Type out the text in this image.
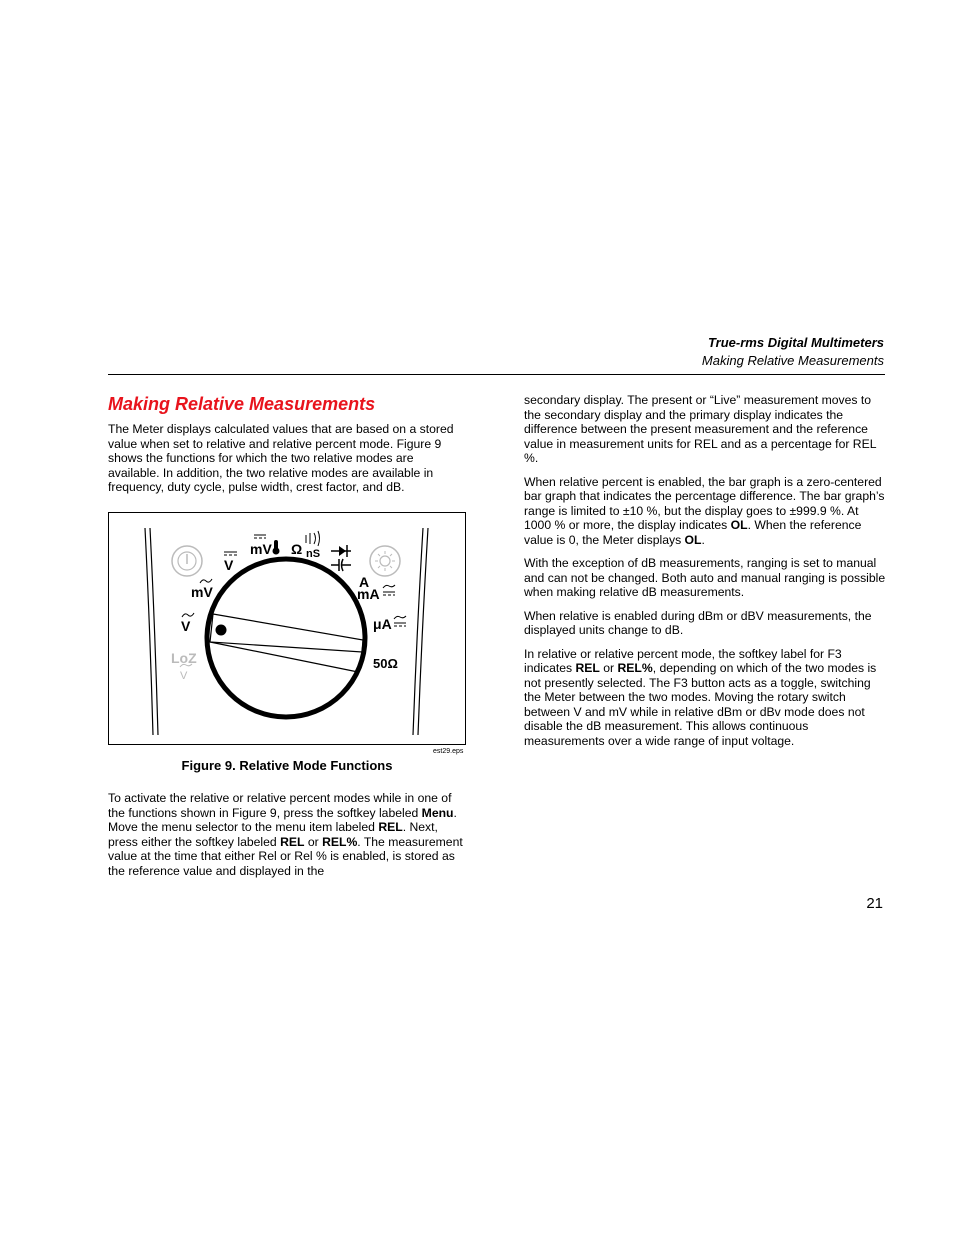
True-rms Digital Multimeters
Making Relative Measurements
Making Relative Measurements

The Meter displays calculated values that are based on a stored value when set to relative and relative percent mode. Figure 9 shows the functions for which the two relative modes are available. In addition, the two relative modes are available in frequency, duty cycle, pulse width, crest factor, and dB.

V
mV Ω nS
mV
V
LoZ
V
A
mA
μA
50Ω
est29.eps
Figure 9. Relative Mode Functions

To activate the relative or relative percent modes while in one of the functions shown in Figure 9, press the softkey labeled Menu. Move the menu selector to the menu item labeled REL. Next, press either the softkey labeled REL or REL%. The measurement value at the time that either Rel or Rel % is enabled, is stored as the reference value and displayed in the

secondary display. The present or “Live” measurement moves to the secondary display and the primary display indicates the difference between the present measurement and the reference value in measurement units for REL and as a percentage for REL %.

When relative percent is enabled, the bar graph is a zero-centered bar graph that indicates the percentage difference. The bar graph’s range is limited to ±10 %, but the display goes to ±999.9 %. At 1000 % or more, the display indicates OL. When the reference value is 0, the Meter displays OL.

With the exception of dB measurements, ranging is set to manual and can not be changed. Both auto and manual ranging is possible when making relative dB measurements.

When relative is enabled during dBm or dBV measurements, the displayed units change to dB.

In relative or relative percent mode, the softkey label for F3 indicates REL or REL%, depending on which of the two modes is not presently selected. The F3 button acts as a toggle, switching the Meter between the two modes. Moving the rotary switch between V and mV while in relative dBm or dBv mode does not disable the dB measurement. This allows continuous measurements over a wide range of input voltage.

21
